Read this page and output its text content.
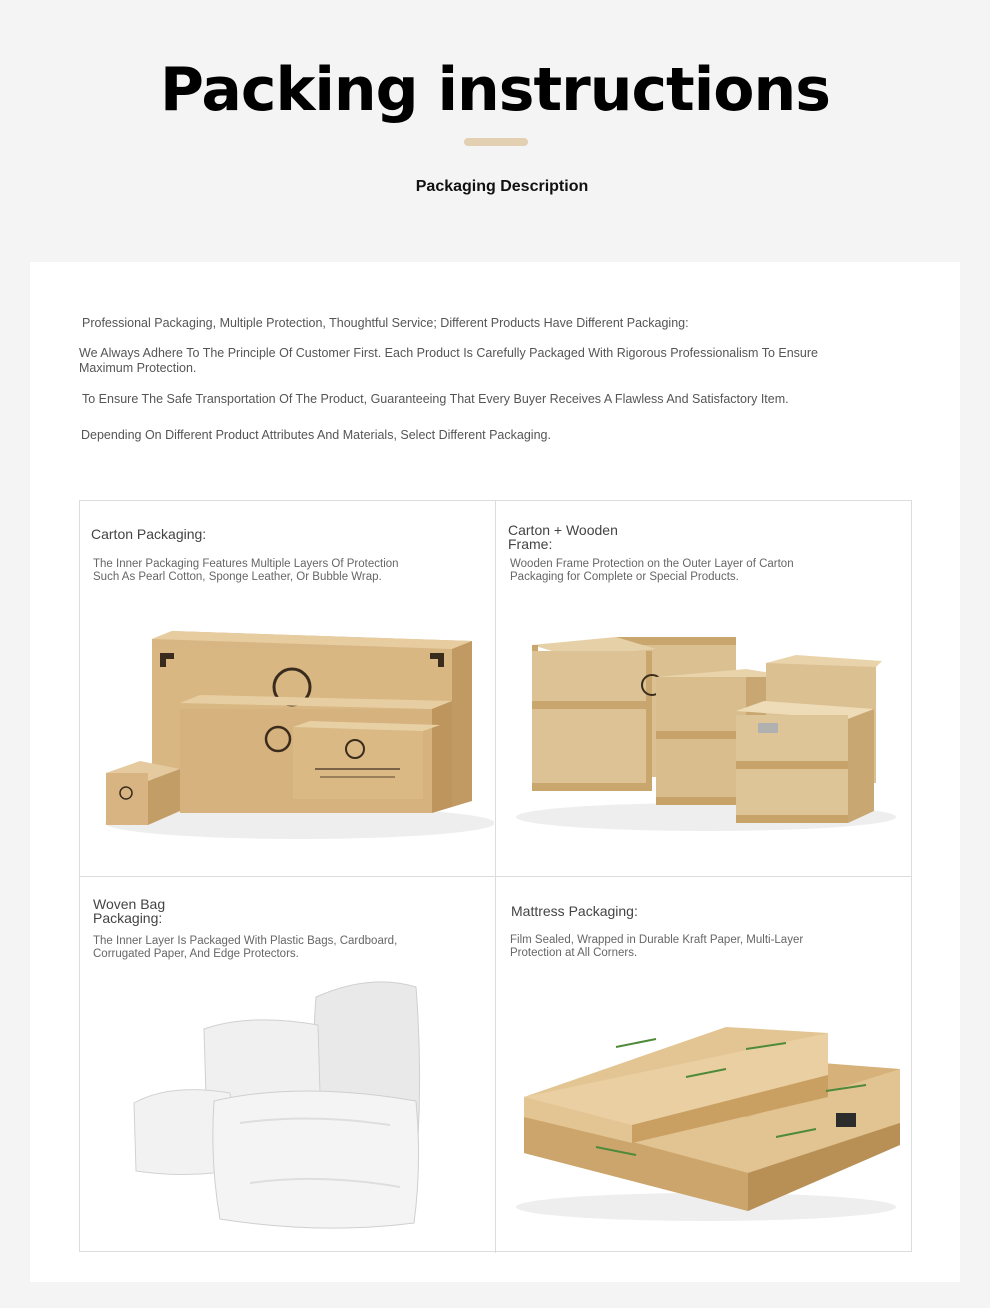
Packing instructions
Packaging Description

Professional Packaging, Multiple Protection, Thoughtful Service; Different Products Have Different Packaging:

We Always Adhere To The Principle Of Customer First. Each Product Is Carefully Packaged With Rigorous Professionalism To Ensure Maximum Protection.

To Ensure The Safe Transportation Of The Product, Guaranteeing That Every Buyer Receives A Flawless And Satisfactory Item.

Depending On Different Product Attributes And Materials, Select Different Packaging.

Carton Packaging:
The Inner Packaging Features Multiple Layers Of Protection Such As Pearl Cotton, Sponge Leather, Or Bubble Wrap.
Carton + Wooden Frame:
Wooden Frame Protection on the Outer Layer of Carton Packaging for Complete or Special Products.
Woven Bag Packaging:
The Inner Layer Is Packaged With Plastic Bags, Cardboard, Corrugated Paper, And Edge Protectors.
Mattress Packaging:
Film Sealed, Wrapped in Durable Kraft Paper, Multi-Layer Protection at All Corners.
